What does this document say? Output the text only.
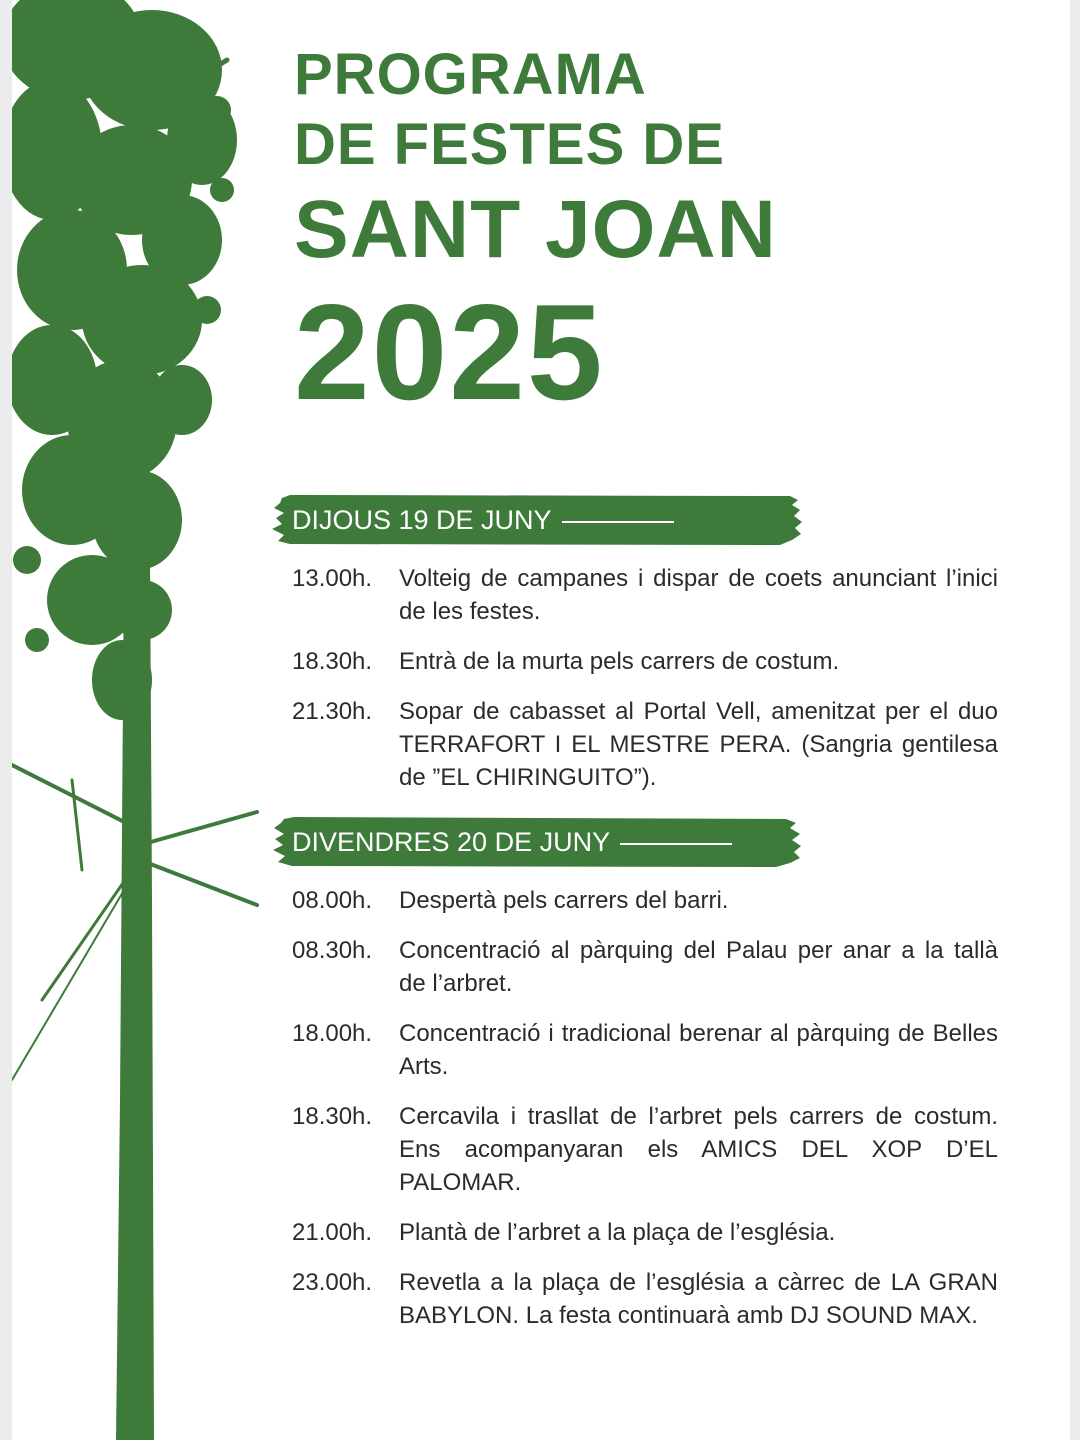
PROGRAMA
DE FESTES DE
SANT JOAN
2025
DIJOUS 19 DE JUNY
13.00h.	Volteig de campanes i dispar de coets anunciant l’inici de les festes.
18.30h.	Entrà de la murta pels carrers de costum.
21.30h.	Sopar de cabasset al Portal Vell, amenitzat per el duo TERRAFORT I EL MESTRE PERA. (Sangria gentilesa de ”EL CHIRINGUITO”).
DIVENDRES 20 DE JUNY
08.00h.	Despertà pels carrers del barri.
08.30h.	Concentració al pàrquing del Palau per anar a la tallà de l’arbret.
18.00h.	Concentració i tradicional berenar al pàrquing de Belles Arts.
18.30h.	Cercavila i trasllat de l’arbret pels carrers de costum. Ens acompanyaran els AMICS DEL XOP D’EL PALOMAR.
21.00h.	Plantà de l’arbret a la plaça de l’església.
23.00h.	Revetla a la plaça de l’església a càrrec de LA GRAN BABYLON. La festa continuarà amb DJ SOUND MAX.
